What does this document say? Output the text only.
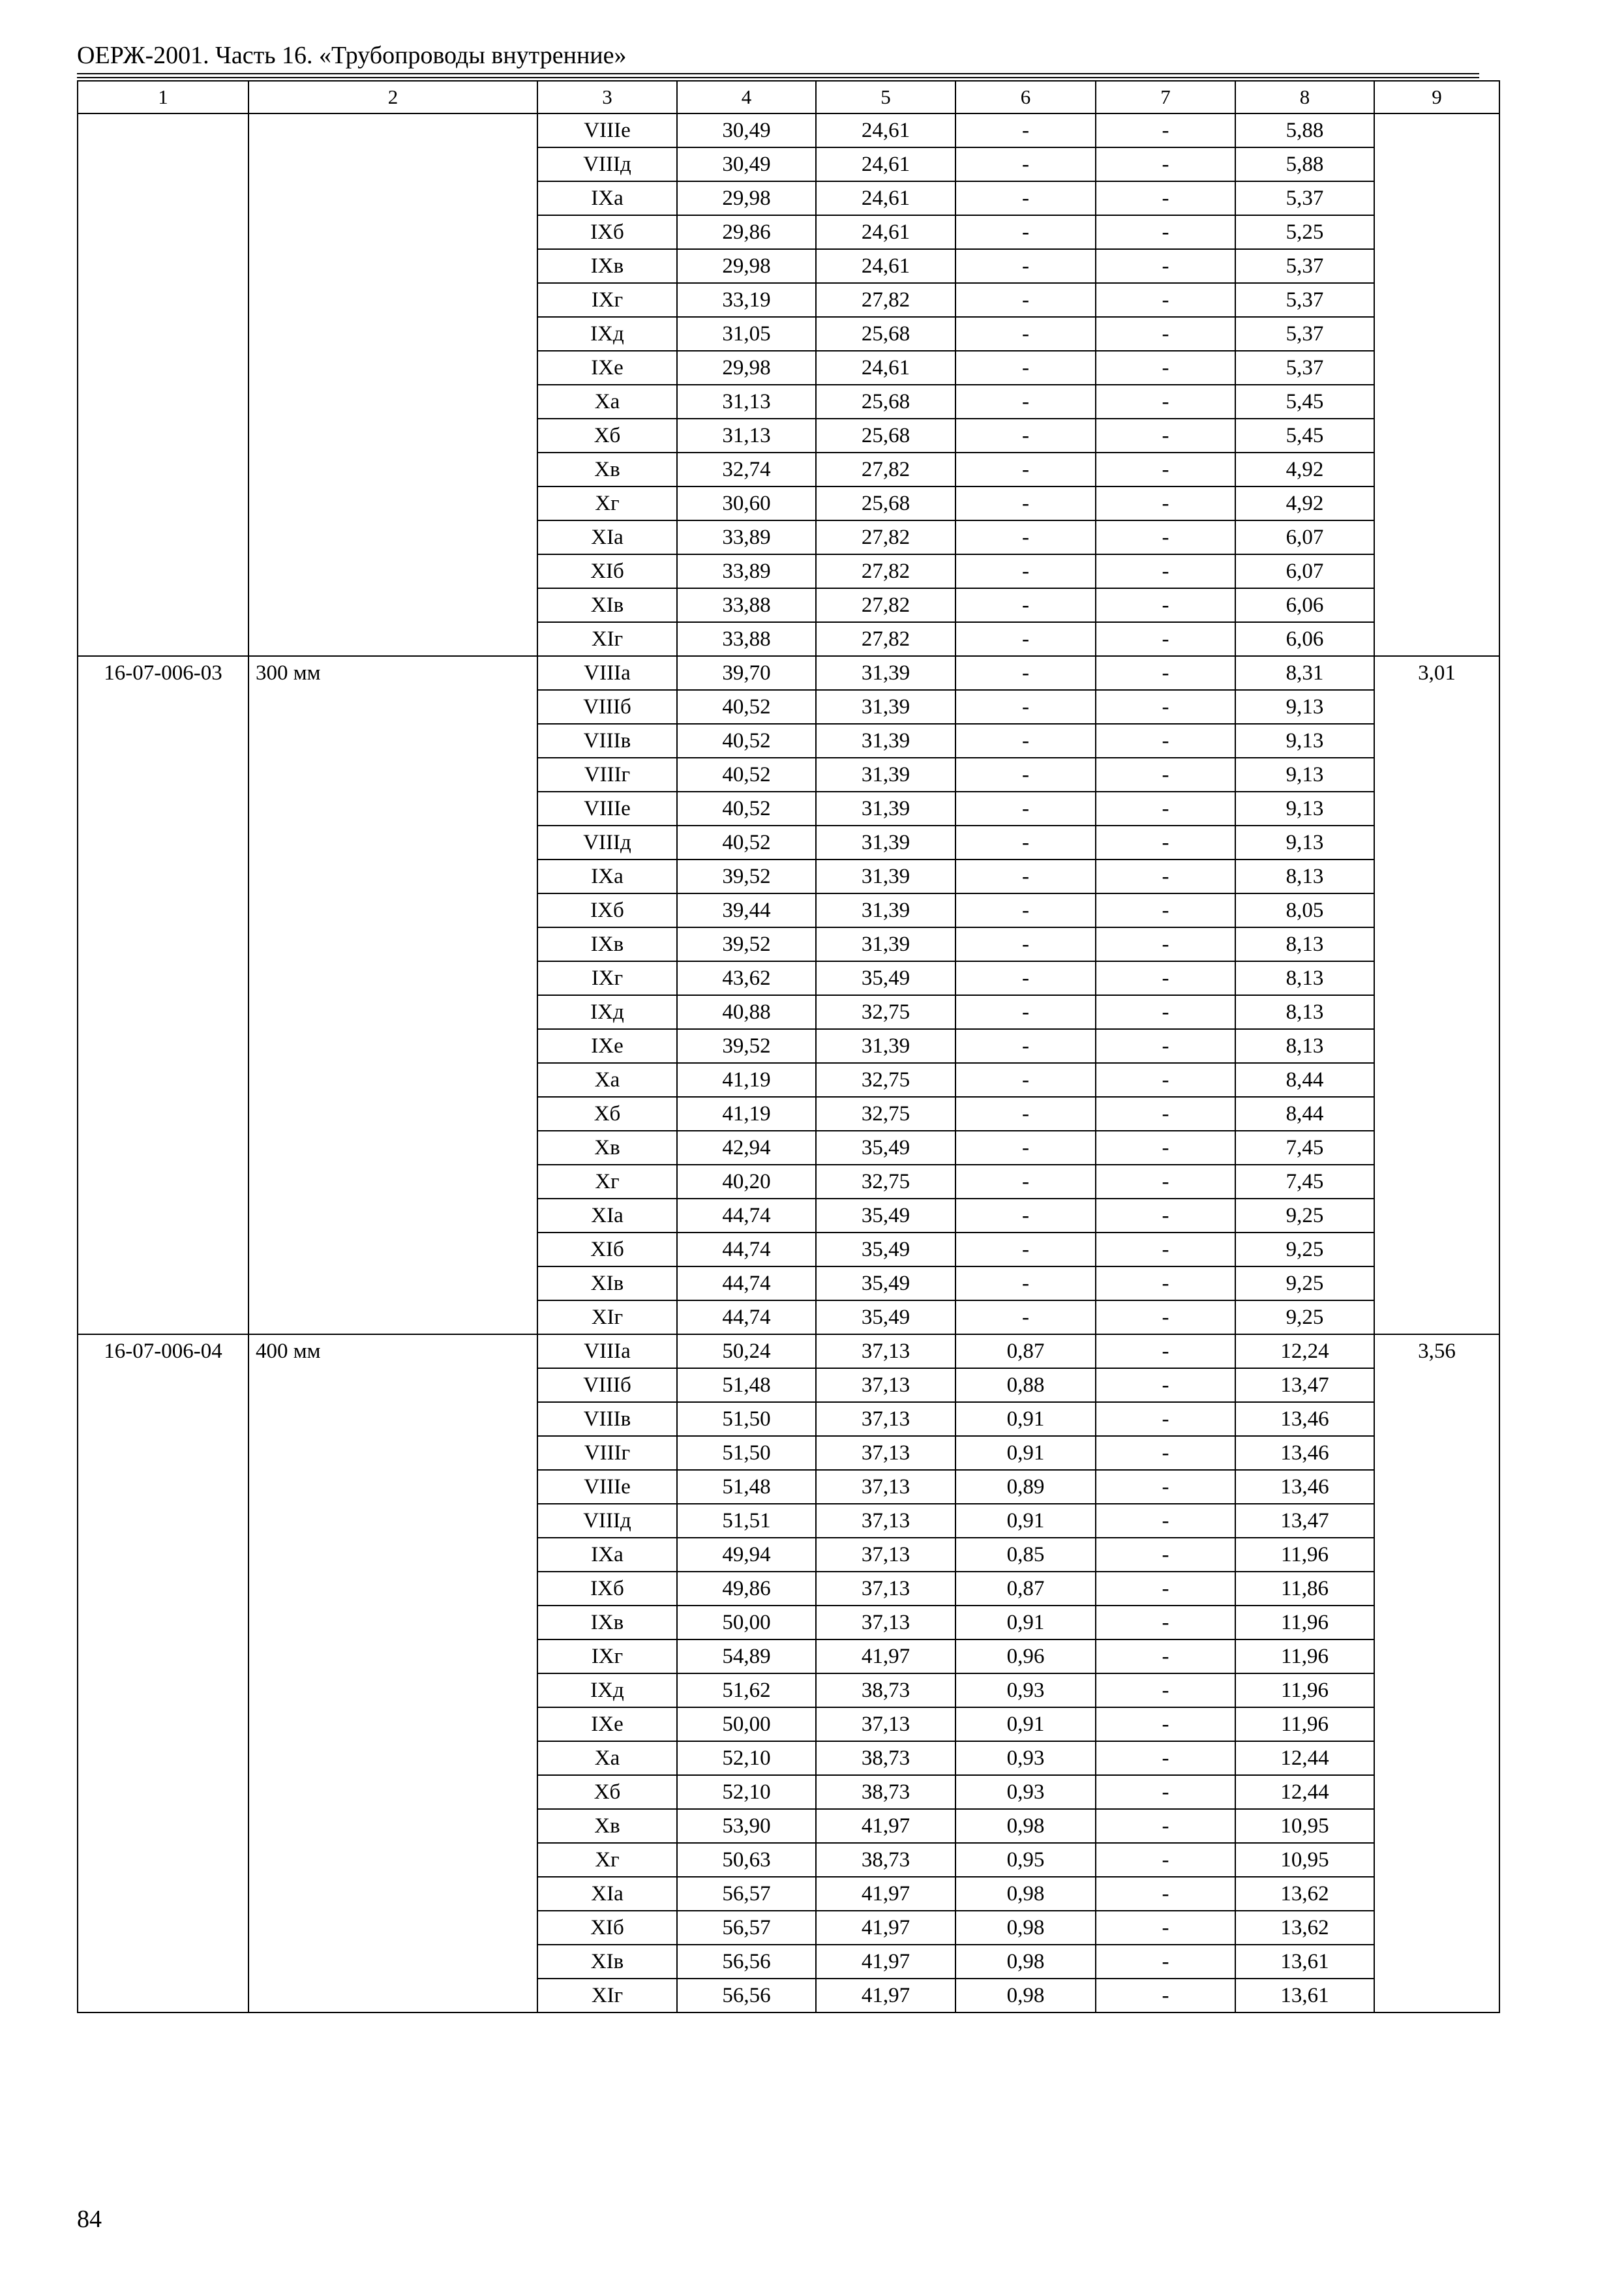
ОЕРЖ-2001. Часть 16. «Трубопроводы внутренние»
1	2	3	4	5	6	7	8	9
		VIIIе	30,49	24,61	-	-	5,88	
		VIIIд	30,49	24,61	-	-	5,88	
		IXа	29,98	24,61	-	-	5,37	
		IXб	29,86	24,61	-	-	5,25	
		IXв	29,98	24,61	-	-	5,37	
		IXг	33,19	27,82	-	-	5,37	
		IXд	31,05	25,68	-	-	5,37	
		IXе	29,98	24,61	-	-	5,37	
		Xа	31,13	25,68	-	-	5,45	
		Xб	31,13	25,68	-	-	5,45	
		Xв	32,74	27,82	-	-	4,92	
		Xг	30,60	25,68	-	-	4,92	
		XIа	33,89	27,82	-	-	6,07	
		XIб	33,89	27,82	-	-	6,07	
		XIв	33,88	27,82	-	-	6,06	
		XIг	33,88	27,82	-	-	6,06	
16-07-006-03	300 мм	VIIIа	39,70	31,39	-	-	8,31	3,01
		VIIIб	40,52	31,39	-	-	9,13	
		VIIIв	40,52	31,39	-	-	9,13	
		VIIIг	40,52	31,39	-	-	9,13	
		VIIIе	40,52	31,39	-	-	9,13	
		VIIIд	40,52	31,39	-	-	9,13	
		IXа	39,52	31,39	-	-	8,13	
		IXб	39,44	31,39	-	-	8,05	
		IXв	39,52	31,39	-	-	8,13	
		IXг	43,62	35,49	-	-	8,13	
		IXд	40,88	32,75	-	-	8,13	
		IXе	39,52	31,39	-	-	8,13	
		Xа	41,19	32,75	-	-	8,44	
		Xб	41,19	32,75	-	-	8,44	
		Xв	42,94	35,49	-	-	7,45	
		Xг	40,20	32,75	-	-	7,45	
		XIа	44,74	35,49	-	-	9,25	
		XIб	44,74	35,49	-	-	9,25	
		XIв	44,74	35,49	-	-	9,25	
		XIг	44,74	35,49	-	-	9,25	
16-07-006-04	400 мм	VIIIа	50,24	37,13	0,87	-	12,24	3,56
		VIIIб	51,48	37,13	0,88	-	13,47	
		VIIIв	51,50	37,13	0,91	-	13,46	
		VIIIг	51,50	37,13	0,91	-	13,46	
		VIIIе	51,48	37,13	0,89	-	13,46	
		VIIIд	51,51	37,13	0,91	-	13,47	
		IXа	49,94	37,13	0,85	-	11,96	
		IXб	49,86	37,13	0,87	-	11,86	
		IXв	50,00	37,13	0,91	-	11,96	
		IXг	54,89	41,97	0,96	-	11,96	
		IXд	51,62	38,73	0,93	-	11,96	
		IXе	50,00	37,13	0,91	-	11,96	
		Xа	52,10	38,73	0,93	-	12,44	
		Xб	52,10	38,73	0,93	-	12,44	
		Xв	53,90	41,97	0,98	-	10,95	
		Xг	50,63	38,73	0,95	-	10,95	
		XIа	56,57	41,97	0,98	-	13,62	
		XIб	56,57	41,97	0,98	-	13,62	
		XIв	56,56	41,97	0,98	-	13,61	
		XIг	56,56	41,97	0,98	-	13,61	
84
